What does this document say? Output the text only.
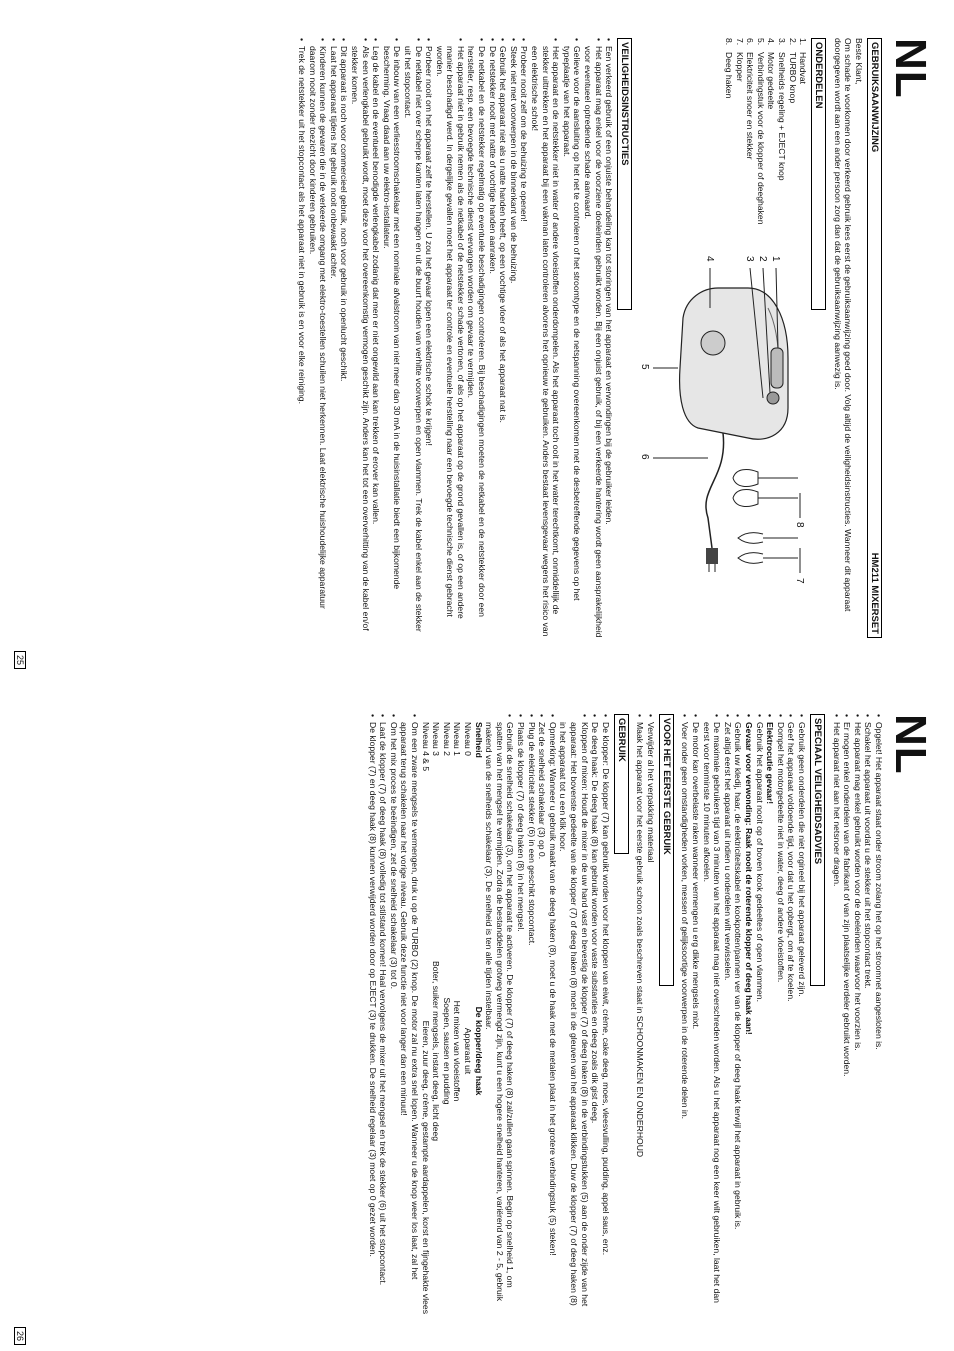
NL
GEBRUIKSAANWIJZING
HM211 MIXERSET

Beste Klant,

Om schade te voorkomen door verkeerd gebruik lees eerst de gebruiksaanwijzing goed door. Volg altijd de veiligheidsinstructies. Wanneer dit apparaat doorgegeven wordt aan een ander persoon zorg dan dat de gebruiksaanwijzing aanwezig is.

ONDERDELEN
1.
Handvat
2.
TURBO knop
3.
Snelheids regeling + EJECT knop
4.
Motor gedeelte
5.
Verbindingstuk voor de klopper of deeghaken
6.
Elektriciteit snoer en stekker
7.
Klopper
8.
Deeg haken
1
2
3
4
5
6
7
8
VEILIGHEIDSINSTRUCTIES
• Een verkeerd gebruik of een onjuiste behandeling kan tot storingen van het apparaat en verwondingen bij de gebruiker leiden.
• Het apparaat mag enkel voor de voorziene doeleinden gebruikt worden. Bij een onjuist gebruik, of bij een verkeerde hantering wordt geen aansprakelijkheid voor eventueel optredende schade aanvaard.
• Gelieve voor de aansluiting op het net te controleren of het stroomtype en de netspanning overeenkomen met de desbetreffende gegevens op het typeplaatje van het apparaat.
• Het apparaat en de netstekker niet in water of andere vloeistoffen onderdompelen. Als het apparaat toch ooit in het water terechtkomt, onmiddellijk de stekker uittrekken en het apparaat bij een vakman laten controleren alvorens het opnieuw te gebruiken. Anders bestaat levensgevaar wegens het risico van een elektrische schok!
• Probeer nooit zelf om de behuizing te openen!
• Steek niet met voorwerpen in de binnenkant van de behuizing.
• Gebruik het apparaat niet als u natte handen heeft, op een vochtige vloer of als het apparaat nat is.
• De netstekker nooit met natte of vochtige handen aanraken.
• De netkabel en de netstekker regelmatig op eventuele beschadigingen controleren. Bij beschadigingen moeten de netkabel en de netstekker door een hersteller, resp. een bevoegde technische dienst vervangen worden om gevaar te vermijden.
• Het apparaat niet in gebruik nemen als de netkabel of de netstekker schade vertonen, of als op het apparaat op de grond gevallen is, of op een andere manier beschadigd werd. In dergelijke gevallen moet het apparaat ter controle en eventuele herstelling naar een bevoegde technische dienst gebracht worden.
• Porbeer nooit om het apparaat zelf te herstellen. U zou het gevaar lopen een elektrische schok te krijgen!
• De netkabel niet over scherpe kanten laten hangen en uit de buurt houden van verhitte voorwerpen en open vlammen. Trek de kabel enkel aan de stekker uit het stopcontact.
• De inbouw van een verliesstroomschakelaar met een nominale afvalstroom van niet meer dan 30 mA in de huisinstallatie biedt een bijkomende bescherming. Vraag daad aan uw elektro-installateur.
• Leg de kabel en de eventueel benodigde verlengkabel zodanig dat men er niet ongewild aan kan trekken of erover kan vallen.
• Als een verlengkabel gebruikt wordt, moet deze voor het overeenkomstig vermogen geschikt zijn. Anders kan het tot een oververhitting van de kabel en/of stekker komen.
• Dit apparaat is noch voor commercieel gebruik, noch voor gebruik in openlucht geschikt.
• Laat het apparaat tijdens het gebruik nooit onbewaakt achter.
• Kinderen kunnen de gevaren die in de verkeerde omgang met elektro-toestellen schuilen niet herkennen. Laat elektrische huishoudelijke apparatuur daarom nooit zonder toezicht door kinderen gebruiken.
• Trek de netstekker uit het stopcontact als het apparaat niet in gebruik is en voor elke reiniging.
25
NL
• Opgelet! Het apparaat staat onder stroom zolang het op het stroomnet aangesloten is.
• Schakel het apparaat uit voordat u de stekker uit het stopcontact trekt.
• Het apparaat mag enkel gebruikt worden voor de doeleinden waarvoor het voorzien is.
• Er mogen enkel onderdelen van de fabrikant of van zijn plaatselijke verdeler gebruikt worden.
• Het apparaat niet aan het netsnoer dragen.
SPECIAAL VEILIGHEIDSADVIES
• Gebruik geen onderdelen die niet orgineel bij het apparaat geleverd zijn.
• Geef het apparaat voldoende tijd, voor dat u het opbergt, om af te koelen.
• Dompel het motorgedeelte niet in water, deeg of andere vloeistoffen.
• Elektrocutie gevaar!
• Gebruik het apparaat nooit op of boven kook gedeeltes of open vlammen.
• Gevaar voor verwonding: Raak nooit de roterende klopper of deeg haak aan!
• Gebruik uw kledij, haar, de elektriciteitskabel en kookpotten/pannen ver van de klopper of deeg haak terwijl het apparaat in gebruik is.
• Zet altijd eerst het apparaat uit indien u onderdelen wilt verwisselen.
• De maximale gebruikers tijd van 3 minuten van het apparaat mag niet overschreden worden. Als u het apparaat nog een keer wilt gebruiken, laat het dan eerst voor tenminste 10 minuten afkoelen.
• De motor kan overbelaste raken wanneer vermengen u erg dikke mengsels mixt.
• Voer onder geen omstandigheden vorken, messen of gelijksoortige voorwerpen in de roterende delen in.
VOOR HET EERSTE GEBRUIK
• Verwijder al het verpakking materiaal
• Maak het apparaat voor het eerste gebruik schoon zoals beschreven staat in SCHOONMAKEN EN ONDERHOUD
GEBRUIK
• De klopper: De klopper (7) kan gebruikt worden voor het kloppen van eiwit, crème, cake deeg, moes, vleesvulling, pudding, appel saus, enz.
• De deeg haak: De deeg haak (8) kan gebruikt worden voor vaste substanties en deeg zoals dik gist deeg.
• Kloppen of mixen: Houdt de mixer in de uw hand vast en bevestig de klopper (7) of deeg haken (8) in de verbindingstukken (5) aan de onder zijde van het apparaat: Het bovenste gedeelte van de klopper (7) of deeg haken (8) moet in de gleuven van het apparaat klikken. Duw de klopper (7) of deeg haken (8) in het apparaat tot u een klik hoor.
• Opmerking: Wanneer u gebruik maakt van de deeg haken (8), moet u de haak met de metalen plaat in het grotere verbindingstuk (5) steken!
• Zet de snelheid schakelaar (3) op 0.
• Plug de elektriciteit stekker (6) in een geschikt stopcontact.
• Plaats de klopper (7) of deeg haken (8) in het mengsel.
• Gebruik de snelheid schakelaar (3), om het apparaat te activeren. De klopper (7) of deeg haken (8) zal/zullen gaan spinnen. Begin op snelheid 1, om spatten van het mengsel te vermijden. Zodra de bestanddelen grotweg vermengd zijn, kunt u een hogere snelheid hanteren, variërend van 2 - 5, gebruik makend van de snelheids schakelaar (3). De snelheid is ten alle tijden instelbaar.
Snelheid
De klopper/deeg haak
Niveau 0
Apparaat uit
Niveau 1
Het mixen van vloeistoffen
Niveau 2
Soepen, sausen en pudding
Niveau 3
Boter, suiker mengsels, instant deeg, licht deeg
Niveau 4 & 5
Eieren, zuur deeg, crème, gestampte aardappelen, korst en fijngehakte vlees
• Om een zware mengsels te vermengen, druk u op de TURBO (2) knop. De motor zal nu extra snel lopen. Wanneer u de knop weer los laat, zal het apparaat terug schakelen naar het vorige niveau. Gebruik deze functie niet voor langer dan een minuut!
• Om het mix proces te beëindigen, zet de snelheid schakelaar (3) tot 0.
• Laat de klopper (7) of deeg haak (8) volledig tot stilstand komen! Haal vervolgens de mixer uit het mengsel en trek de stekker (6) uit het stopcontact.
• De klopper (7) en deeg haak (8) kunnen verwijderd worden door op EJECT (3) te drukken. De snelheid regelaar (3) moet op 0 gezet worden.
26
